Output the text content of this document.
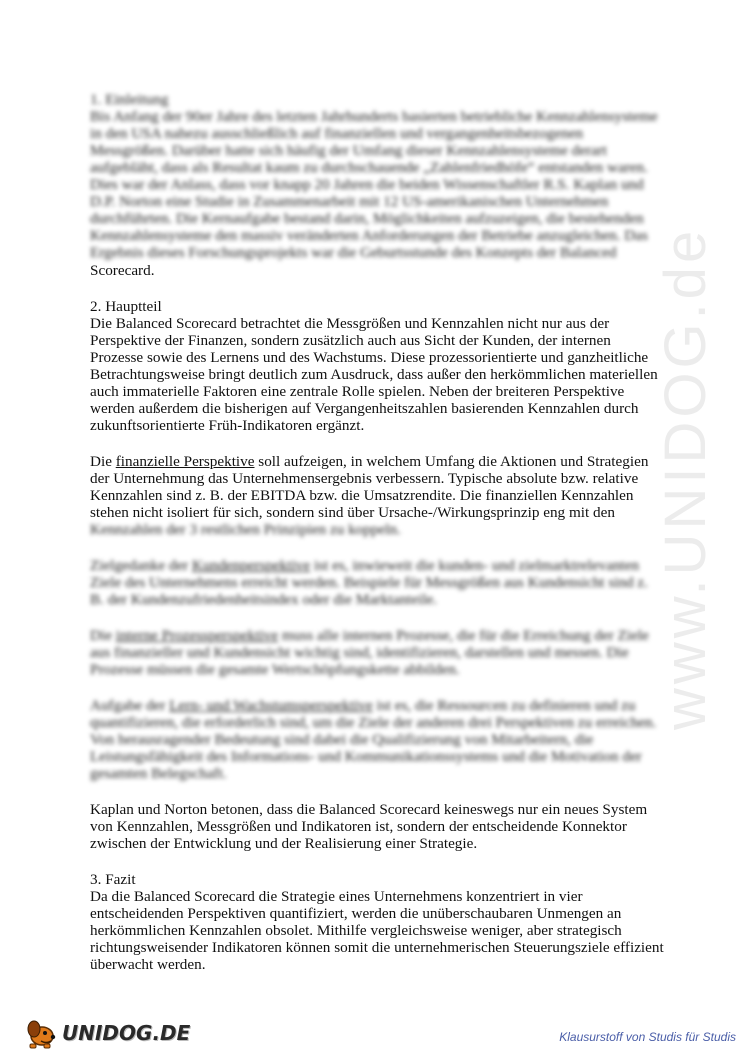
www.UNIDOG.de
1. Einleitung
Bis Anfang der 90er Jahre des letzten Jahrhunderts basierten betriebliche Kennzahlensysteme
in den USA nahezu ausschließlich auf finanziellen und vergangenheitsbezogenen
Messgrößen. Darüber hatte sich häufig der Umfang dieser Kennzahlensysteme derart
aufgebläht, dass als Resultat kaum zu durchschauende „Zahlenfriedhöfe“ entstanden waren.
Dies war der Anlass, dass vor knapp 20 Jahren die beiden Wissenschaftler R.S. Kaplan und
D.P. Norton eine Studie in Zusammenarbeit mit 12 US-amerikanischen Unternehmen
durchführten. Die Kernaufgabe bestand darin, Möglichkeiten aufzuzeigen, die bestehenden
Kennzahlensysteme den massiv veränderten Anforderungen der Betriebe anzugleichen. Das
Ergebnis dieses Forschungsprojekts war die Geburtsstunde des Konzepts der Balanced
Scorecard.
2. Hauptteil
Die Balanced Scorecard betrachtet die Messgrößen und Kennzahlen nicht nur aus der
Perspektive der Finanzen, sondern zusätzlich auch aus Sicht der Kunden, der internen
Prozesse sowie des Lernens und des Wachstums. Diese prozessorientierte und ganzheitliche
Betrachtungsweise bringt deutlich zum Ausdruck, dass außer den herkömmlichen materiellen
auch immaterielle Faktoren eine zentrale Rolle spielen. Neben der breiteren Perspektive
werden außerdem die bisherigen auf Vergangenheitszahlen basierenden Kennzahlen durch
zukunftsorientierte Früh-Indikatoren ergänzt.
Die finanzielle Perspektive soll aufzeigen, in welchem Umfang die Aktionen und Strategien
der Unternehmung das Unternehmensergebnis verbessern. Typische absolute bzw. relative
Kennzahlen sind z. B. der EBITDA bzw. die Umsatzrendite. Die finanziellen Kennzahlen
stehen nicht isoliert für sich, sondern sind über Ursache-/Wirkungsprinzip eng mit den
Kennzahlen der 3 restlichen Prinzipien zu koppeln.
Zielgedanke der Kundenperspektive ist es, inwieweit die kunden- und zielmarktrelevanten
Ziele des Unternehmens erreicht werden. Beispiele für Messgrößen aus Kundensicht sind z.
B. der Kundenzufriedenheitsindex oder die Marktanteile.
Die interne Prozessperspektive muss alle internen Prozesse, die für die Erreichung der Ziele
aus finanzieller und Kundensicht wichtig sind, identifizieren, darstellen und messen. Die
Prozesse müssen die gesamte Wertschöpfungskette abbilden.
Aufgabe der Lern- und Wachstumsperspektive ist es, die Ressourcen zu definieren und zu
quantifizieren, die erforderlich sind, um die Ziele der anderen drei Perspektiven zu erreichen.
Von herausragender Bedeutung sind dabei die Qualifizierung von Mitarbeitern, die
Leistungsfähigkeit des Informations- und Kommunikationssystems und die Motivation der
gesamten Belegschaft.
Kaplan und Norton betonen, dass die Balanced Scorecard keineswegs nur ein neues System
von Kennzahlen, Messgrößen und Indikatoren ist, sondern der entscheidende Konnektor
zwischen der Entwicklung und der Realisierung einer Strategie.
3. Fazit
Da die Balanced Scorecard die Strategie eines Unternehmens konzentriert in vier
entscheidenden Perspektiven quantifiziert, werden die unüberschaubaren Unmengen an
herkömmlichen Kennzahlen obsolet. Mithilfe vergleichsweise weniger, aber strategisch
richtungsweisender Indikatoren können somit die unternehmerischen Steuerungsziele effizient
überwacht werden.
UNIDOG.DE	Klausurstoff von Studis für Studis
